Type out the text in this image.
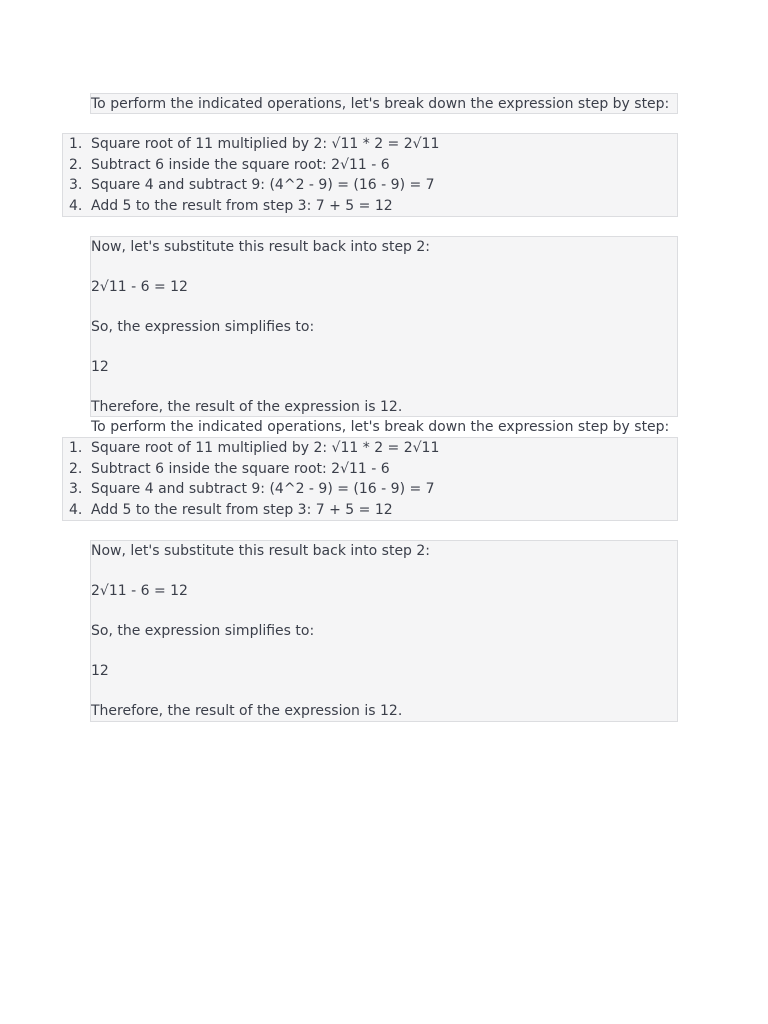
To perform the indicated operations, let's break down the expression step by step:
1. Square root of 11 multiplied by 2: √11 * 2 = 2√11
2. Subtract 6 inside the square root: 2√11 - 6
3. Square 4 and subtract 9: (4^2 - 9) = (16 - 9) = 7
4. Add 5 to the result from step 3: 7 + 5 = 12

Now, let's substitute this result back into step 2:

2√11 - 6 = 12

So, the expression simplifies to:

12

Therefore, the result of the expression is 12.

To perform the indicated operations, let's break down the expression step by step:

1. Square root of 11 multiplied by 2: √11 * 2 = 2√11
2. Subtract 6 inside the square root: 2√11 - 6
3. Square 4 and subtract 9: (4^2 - 9) = (16 - 9) = 7
4. Add 5 to the result from step 3: 7 + 5 = 12

Now, let's substitute this result back into step 2:

2√11 - 6 = 12

So, the expression simplifies to:

12

Therefore, the result of the expression is 12.
